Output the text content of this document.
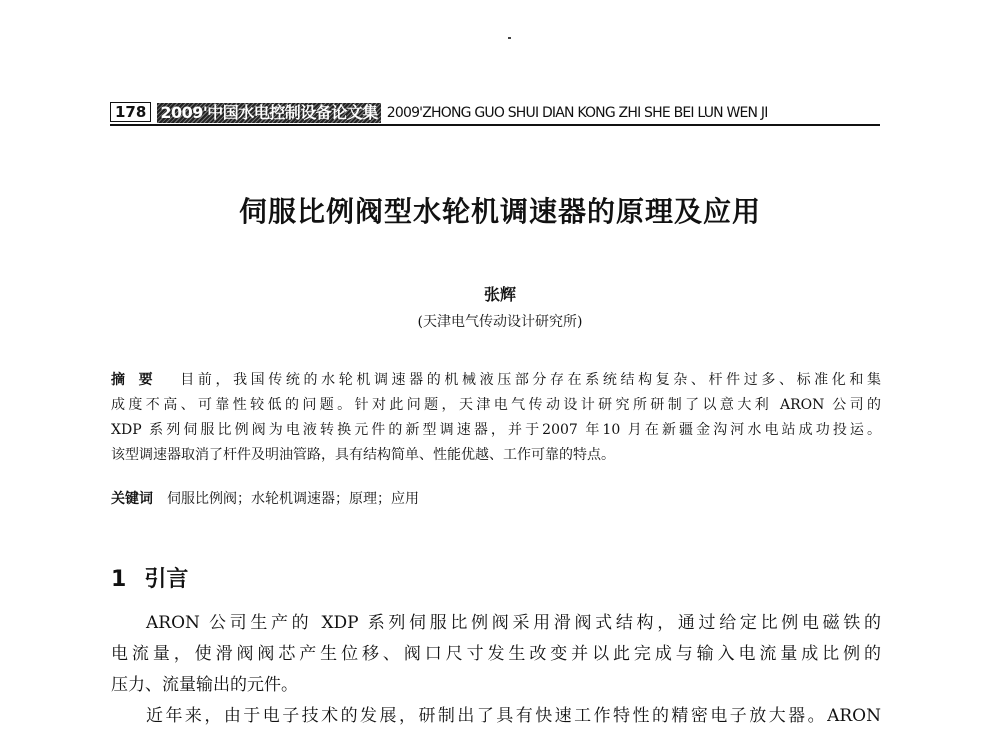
178 2009'中国水电控制设备论文集 2009'ZHONG GUO SHUI DIAN KONG ZHI SHE BEI LUN WEN JI
伺服比例阀型水轮机调速器的原理及应用
张辉
(天津电气传动设计研究所)
摘要 目前，我国传统的水轮机调速器的机械液压部分存在系统结构复杂、杆件过多、标准化和集
成度不高、可靠性较低的问题。针对此问题，天津电气传动设计研究所研制了以意大利 ARON 公司的
XDP 系列伺服比例阀为电液转换元件的新型调速器，并于2007 年10 月在新疆金沟河水电站成功投运。
该型调速器取消了杆件及明油管路，具有结构简单、性能优越、工作可靠的特点。
关键词 伺服比例阀；水轮机调速器；原理；应用
1 引言
ARON 公司生产的 XDP 系列伺服比例阀采用滑阀式结构，通过给定比例电磁铁的
电流量，使滑阀阀芯产生位移、阀口尺寸发生改变并以此完成与输入电流量成比例的
压力、流量输出的元件。
近年来，由于电子技术的发展，研制出了具有快速工作特性的精密电子放大器。ARON
